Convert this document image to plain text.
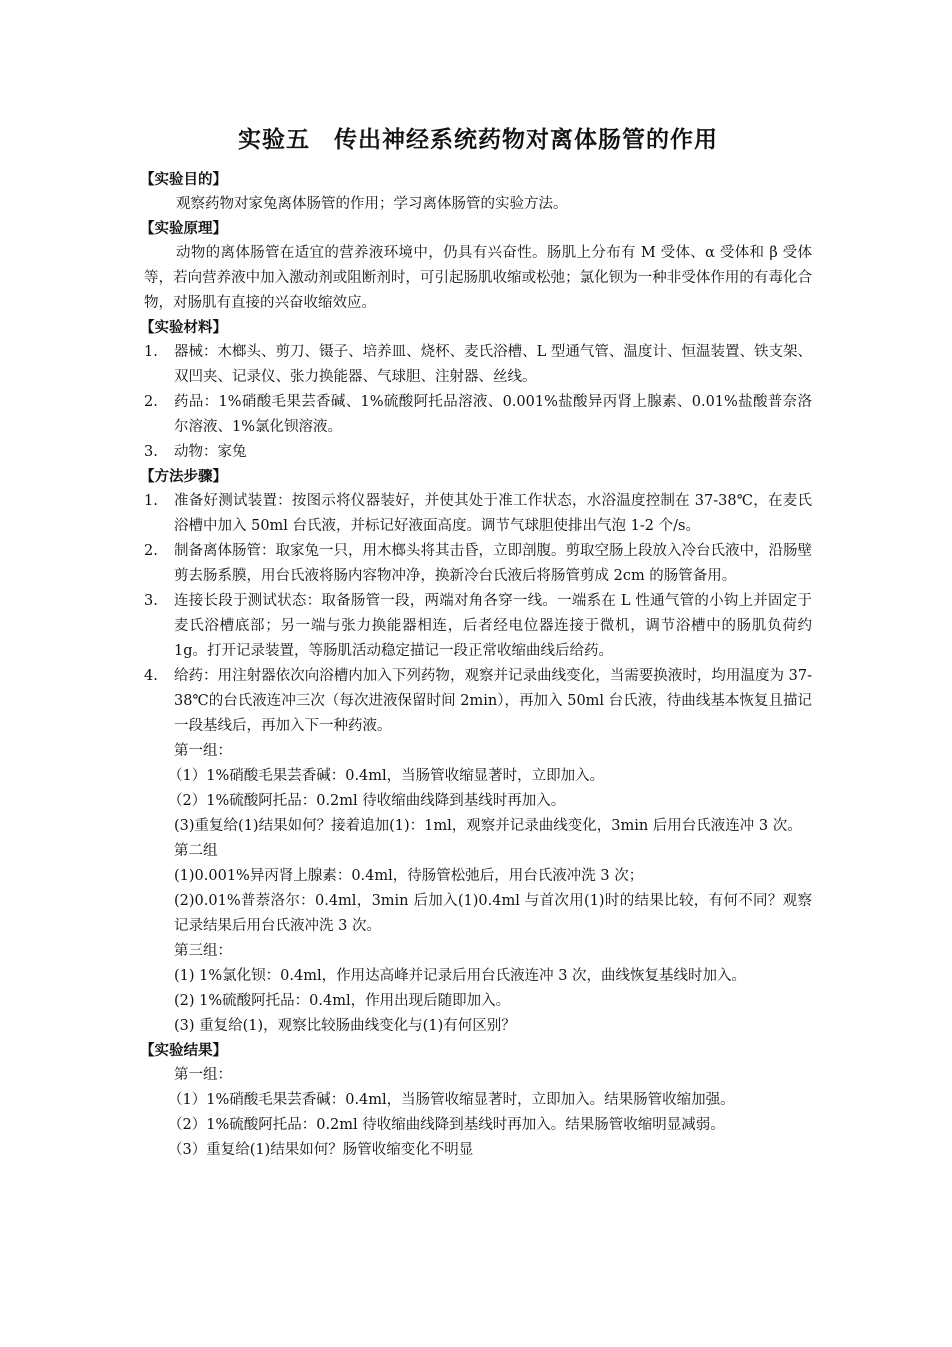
实验五　传出神经系统药物对离体肠管的作用

【实验目的】

观察药物对家兔离体肠管的作用；学习离体肠管的实验方法。

【实验原理】

动物的离体肠管在适宜的营养液环境中，仍具有兴奋性。肠肌上分布有 M 受体、α 受体和 β 受体等，若向营养液中加入激动剂或阻断剂时，可引起肠肌收缩或松弛；氯化钡为一种非受体作用的有毒化合物，对肠肌有直接的兴奋收缩效应。

【实验材料】

1. 器械：木榔头、剪刀、镊子、培养皿、烧杯、麦氏浴槽、L 型通气管、温度计、恒温装置、铁支架、双凹夹、记录仪、张力换能器、气球胆、注射器、丝线。
2. 药品：1%硝酸毛果芸香碱、1%硫酸阿托品溶液、0.001%盐酸异丙肾上腺素、0.01%盐酸普奈洛尔溶液、1%氯化钡溶液。
3. 动物：家兔

【方法步骤】

1. 准备好测试装置：按图示将仪器装好，并使其处于准工作状态，水浴温度控制在 37-38℃，在麦氏浴槽中加入 50ml 台氏液，并标记好液面高度。调节气球胆使排出气泡 1-2 个/s。
2. 制备离体肠管：取家兔一只，用木榔头将其击昏，立即剖腹。剪取空肠上段放入冷台氏液中，沿肠壁剪去肠系膜，用台氏液将肠内容物冲净，换新冷台氏液后将肠管剪成 2cm 的肠管备用。
3. 连接长段于测试状态：取备肠管一段，两端对角各穿一线。一端系在 L 性通气管的小钩上并固定于麦氏浴槽底部；另一端与张力换能器相连，后者经电位器连接于微机，调节浴槽中的肠肌负荷约 1g。打开记录装置，等肠肌活动稳定描记一段正常收缩曲线后给药。
4. 给药：用注射器依次向浴槽内加入下列药物，观察并记录曲线变化，当需要换液时，均用温度为 37-38℃的台氏液连冲三次（每次进液保留时间 2min），再加入 50ml 台氏液，待曲线基本恢复且描记一段基线后，再加入下一种药液。

第一组：

（1）1%硝酸毛果芸香碱：0.4ml，当肠管收缩显著时，立即加入。

（2）1%硫酸阿托品：0.2ml 待收缩曲线降到基线时再加入。

(3)重复给(1)结果如何？接着追加(1)：1ml，观察并记录曲线变化，3min 后用台氏液连冲 3 次。

第二组

(1)0.001%异丙肾上腺素：0.4ml，待肠管松弛后，用台氏液冲洗 3 次；

(2)0.01%普萘洛尔：0.4ml，3min 后加入(1)0.4ml 与首次用(1)时的结果比较，有何不同？观察记录结果后用台氏液冲洗 3 次。

第三组：

(1) 1%氯化钡：0.4ml，作用达高峰并记录后用台氏液连冲 3 次，曲线恢复基线时加入。

(2) 1%硫酸阿托品：0.4ml，作用出现后随即加入。

(3) 重复给(1)，观察比较肠曲线变化与(1)有何区别？

【实验结果】

第一组：

（1）1%硝酸毛果芸香碱：0.4ml，当肠管收缩显著时，立即加入。结果肠管收缩加强。

（2）1%硫酸阿托品：0.2ml 待收缩曲线降到基线时再加入。结果肠管收缩明显减弱。

（3）重复给(1)结果如何？肠管收缩变化不明显
